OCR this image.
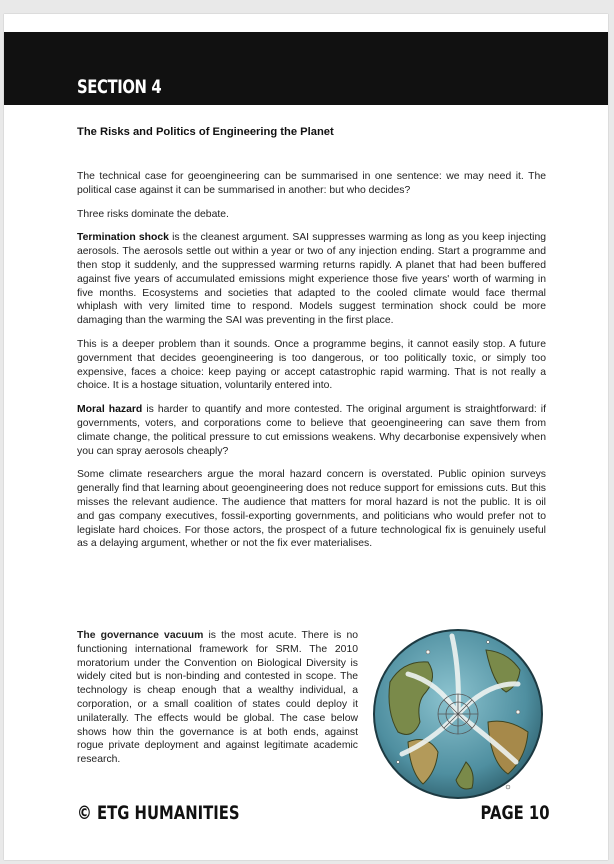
SECTION 4
The Risks and Politics of Engineering the Planet

The technical case for geoengineering can be summarised in one sentence: we may need it. The political case against it can be summarised in another: but who decides?

Three risks dominate the debate.

Termination shock is the cleanest argument. SAI suppresses warming as long as you keep injecting aerosols. The aerosols settle out within a year or two of any injection ending. Start a programme and then stop it suddenly, and the suppressed warming returns rapidly. A planet that had been buffered against five years of accumulated emissions might experience those five years' worth of warming in five months. Ecosystems and societies that adapted to the cooled climate would face thermal whiplash with very limited time to respond. Models suggest termination shock could be more damaging than the warming the SAI was preventing in the first place.

This is a deeper problem than it sounds. Once a programme begins, it cannot easily stop. A future government that decides geoengineering is too dangerous, or too politically toxic, or simply too expensive, faces a choice: keep paying or accept catastrophic rapid warming. That is not really a choice. It is a hostage situation, voluntarily entered into.

Moral hazard is harder to quantify and more contested. The original argument is straightforward: if governments, voters, and corporations come to believe that geoengineering can save them from climate change, the political pressure to cut emissions weakens. Why decarbonise expensively when you can spray aerosols cheaply?

Some climate researchers argue the moral hazard concern is overstated. Public opinion surveys generally find that learning about geoengineering does not reduce support for emissions cuts. But this misses the relevant audience. The audience that matters for moral hazard is not the public. It is oil and gas company executives, fossil-exporting governments, and politicians who would prefer not to legislate hard choices. For those actors, the prospect of a future technological fix is genuinely useful as a delaying argument, whether or not the fix ever materialises.

The governance vacuum is the most acute. There is no functioning international framework for SRM. The 2010 moratorium under the Convention on Biological Diversity is widely cited but is non-binding and contested in scope. The technology is cheap enough that a wealthy individual, a corporation, or a small coalition of states could deploy it unilaterally. The effects would be global. The case below shows how thin the governance is at both ends, against rogue private deployment and against legitimate academic research.

© ETG HUMANITIES	PAGE 10
